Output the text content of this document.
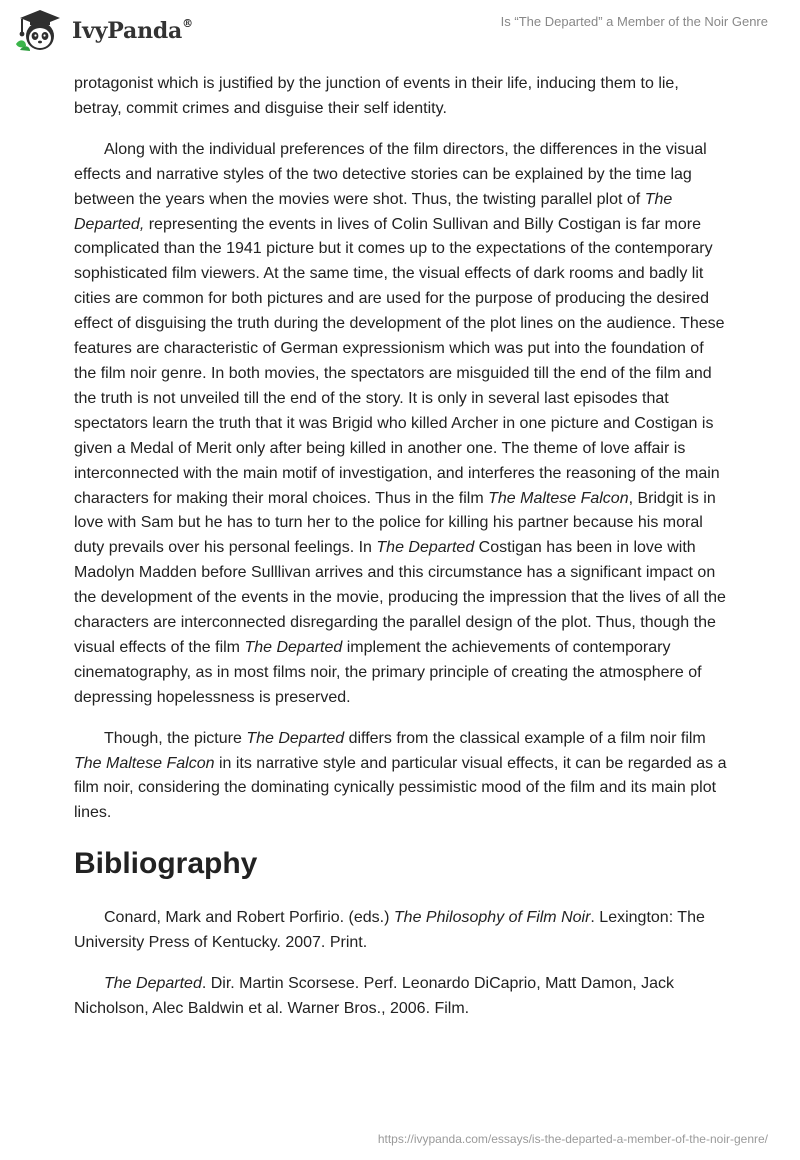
IvyPanda®	Is “The Departed” a Member of the Noir Genre

protagonist which is justified by the junction of events in their life, inducing them to lie, betray, commit crimes and disguise their self identity.

Along with the individual preferences of the film directors, the differences in the visual effects and narrative styles of the two detective stories can be explained by the time lag between the years when the movies were shot. Thus, the twisting parallel plot of The Departed, representing the events in lives of Colin Sullivan and Billy Costigan is far more complicated than the 1941 picture but it comes up to the expectations of the contemporary sophisticated film viewers. At the same time, the visual effects of dark rooms and badly lit cities are common for both pictures and are used for the purpose of producing the desired effect of disguising the truth during the development of the plot lines on the audience. These features are characteristic of German expressionism which was put into the foundation of the film noir genre. In both movies, the spectators are misguided till the end of the film and the truth is not unveiled till the end of the story. It is only in several last episodes that spectators learn the truth that it was Brigid who killed Archer in one picture and Costigan is given a Medal of Merit only after being killed in another one. The theme of love affair is interconnected with the main motif of investigation, and interferes the reasoning of the main characters for making their moral choices. Thus in the film The Maltese Falcon, Bridgit is in love with Sam but he has to turn her to the police for killing his partner because his moral duty prevails over his personal feelings. In The Departed Costigan has been in love with Madolyn Madden before Sulllivan arrives and this circumstance has a significant impact on the development of the events in the movie, producing the impression that the lives of all the characters are interconnected disregarding the parallel design of the plot. Thus, though the visual effects of the film The Departed implement the achievements of contemporary cinematography, as in most films noir, the primary principle of creating the atmosphere of depressing hopelessness is preserved.

Though, the picture The Departed differs from the classical example of a film noir film The Maltese Falcon in its narrative style and particular visual effects, it can be regarded as a film noir, considering the dominating cynically pessimistic mood of the film and its main plot lines.

Bibliography

Conard, Mark and Robert Porfirio. (eds.) The Philosophy of Film Noir. Lexington: The University Press of Kentucky. 2007. Print.

The Departed. Dir. Martin Scorsese. Perf. Leonardo DiCaprio, Matt Damon, Jack Nicholson, Alec Baldwin et al. Warner Bros., 2006. Film.

https://ivypanda.com/essays/is-the-departed-a-member-of-the-noir-genre/
